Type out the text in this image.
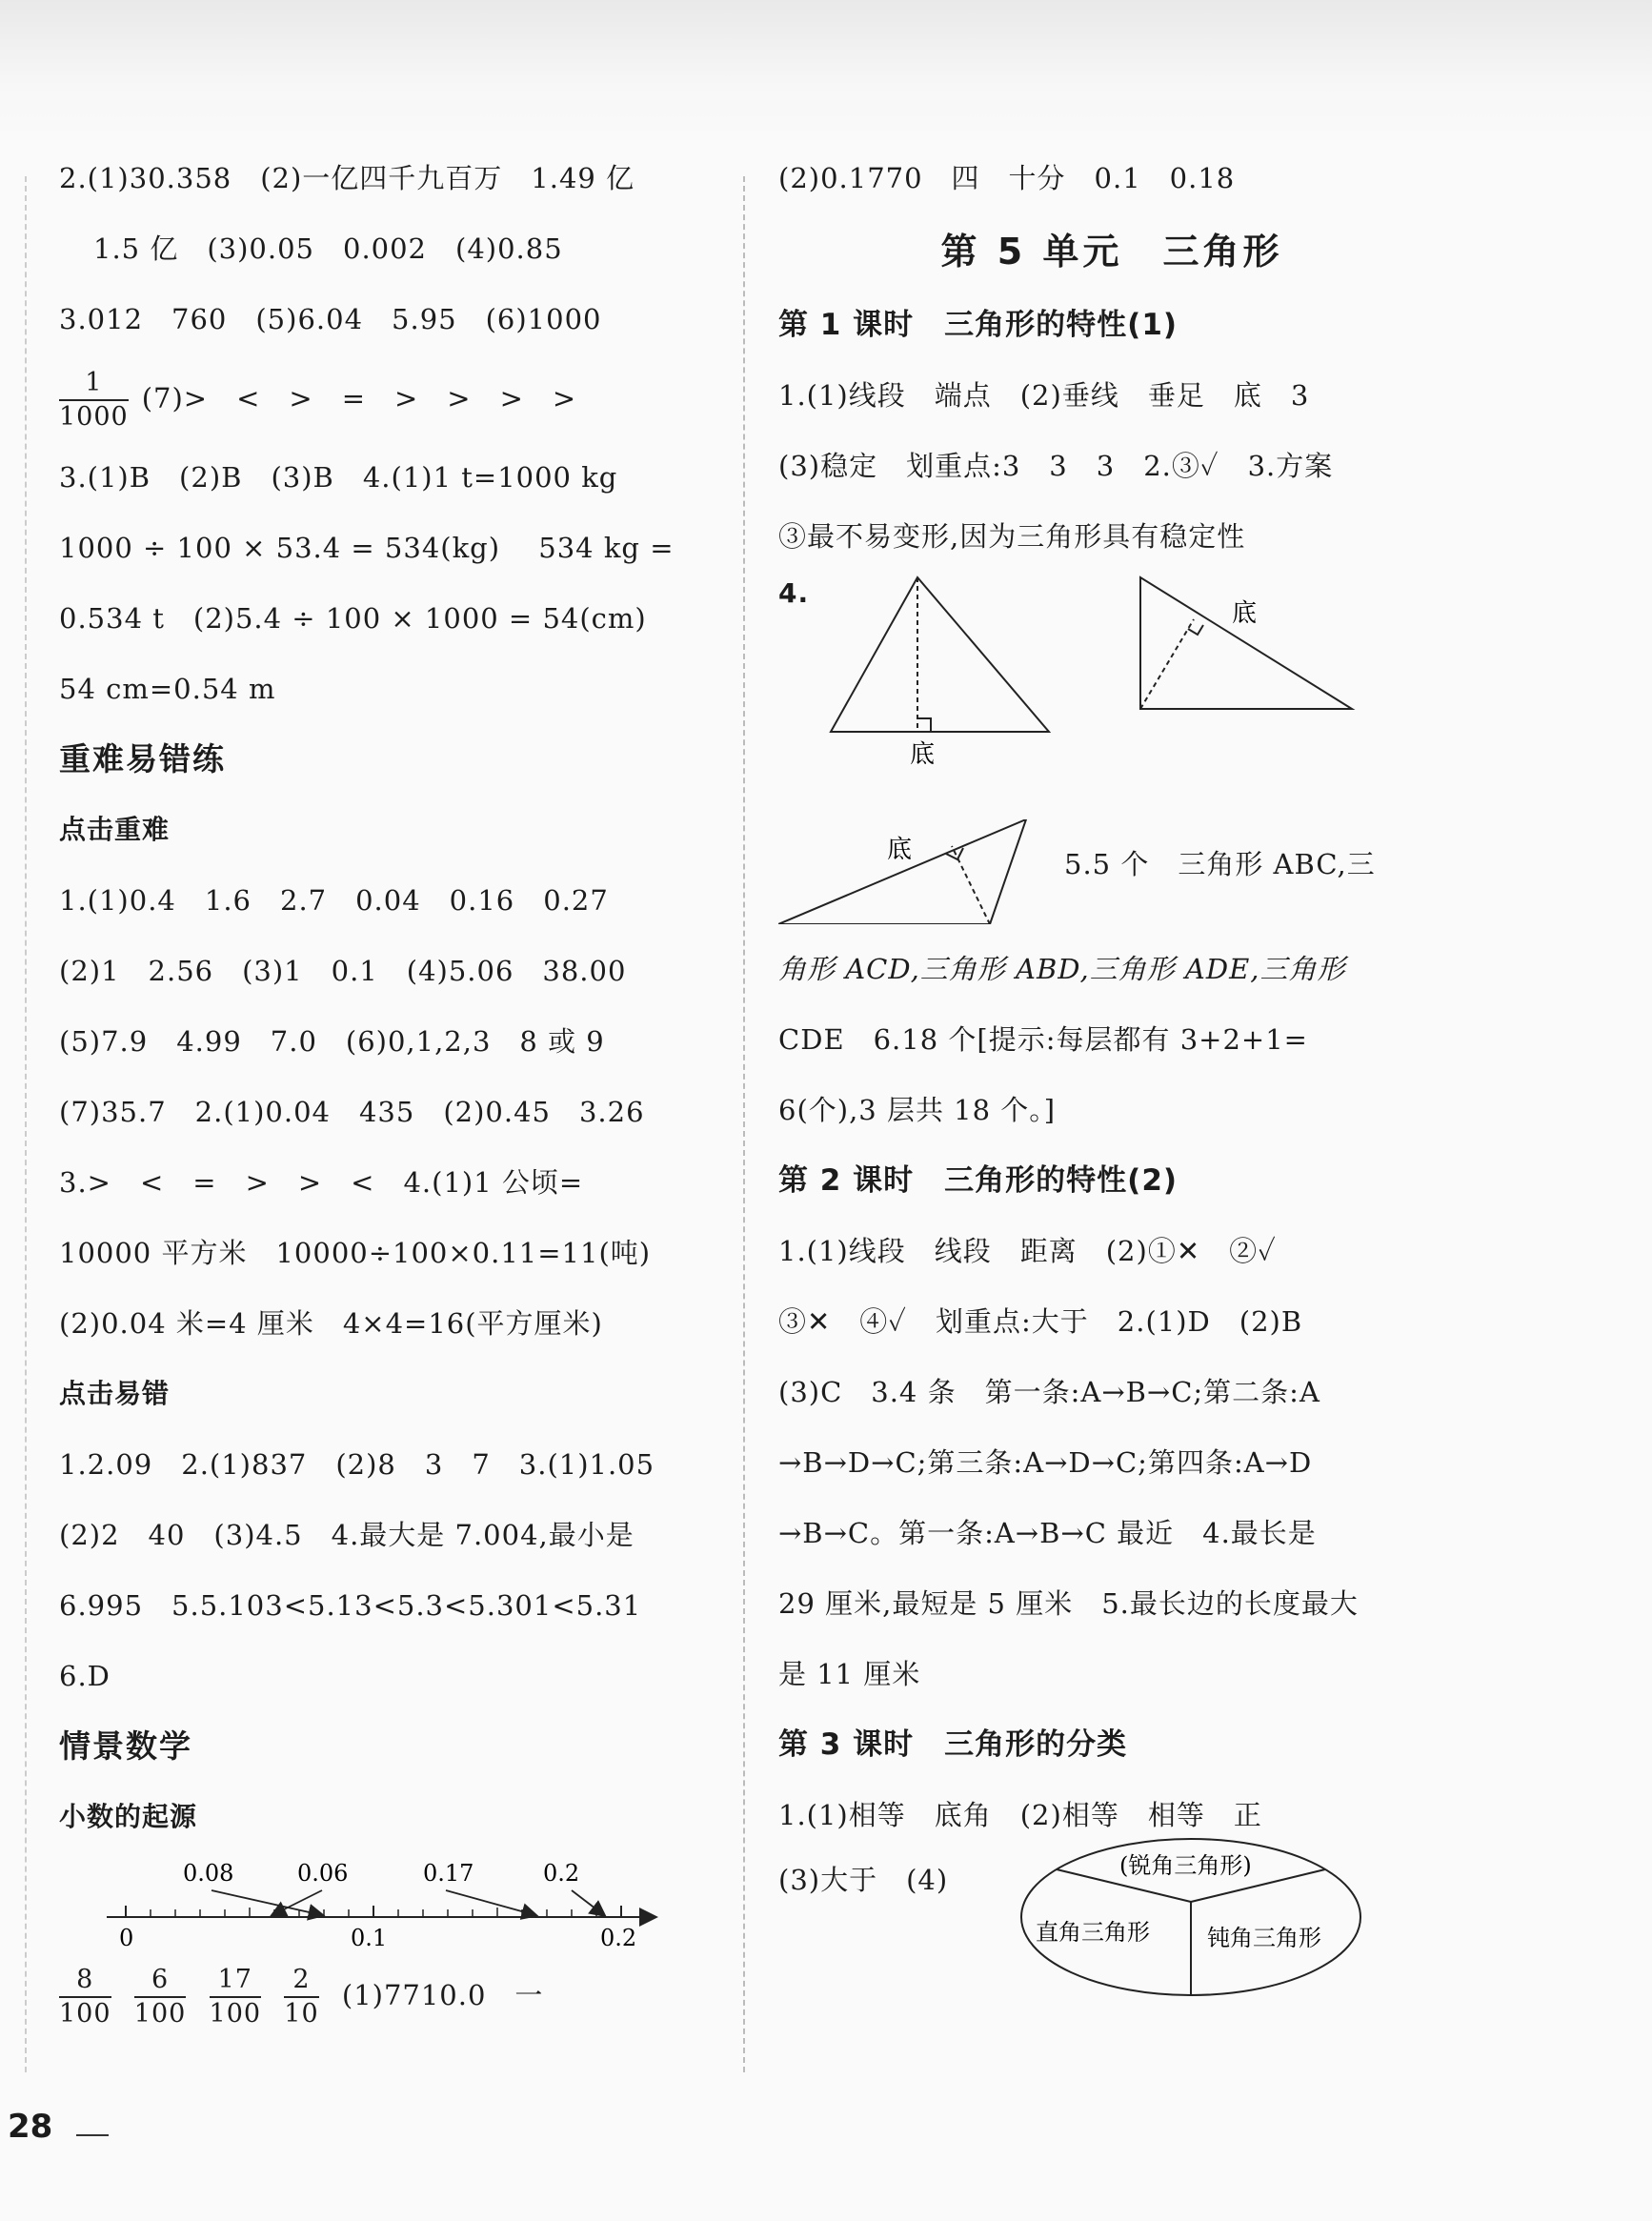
2.(1)30.358　(2)一亿四千九百万　1.49 亿
1.5 亿　(3)0.05　0.002　(4)0.85
3.012　760　(5)6.04　5.95　(6)1000
$\frac{1}{1000} (7)>$　<　>　=　>　>　>　>
3.(1)B　(2)B　(3)B　4.(1)1 t=1000 kg
1000 ÷ 100 × 53.4 = 534(kg)　 534 kg =
0.534 t　(2)5.4 ÷ 100 × 1000 = 54(cm)
54 cm=0.54 m
重难易错练
点击重难
1.(1)0.4　1.6　2.7　0.04　0.16　0.27
(2)1　2.56　(3)1　0.1　(4)5.06　38.00
(5)7.9　4.99　7.0　(6)0,1,2,3　8 或 9
(7)35.7　2.(1)0.04　435　(2)0.45　3.26
3.>　<　=　>　>　<　4.(1)1 公顷=
10000 平方米　10000÷100×0.11=11(吨)
(2)0.04 米=4 厘米　4×4=16(平方厘米)
点击易错
1.2.09　2.(1)837　(2)8　3　7　3.(1)1.05
(2)2　40　(3)4.5　4.最大是 7.004,最小是
6.995　5.5.103<5.13<5.3<5.301<5.31
6.D
情景数学
小数的起源
0.08	0.06	0.17	0.2
0	0.1	0.2
$\frac{8}{100}$
$\frac{6}{100}$
$\frac{17}{100}$
$\frac{2}{10} (1)7710.0$　一
(2)0.1770　四　十分　0.1　0.18
第 5 单元　三角形
第 1 课时　三角形的特性(1)
1.(1)线段　端点　(2)垂线　垂足　底　3
(3)稳定　划重点:3　3　3　2.③✓　3.方案
③最不易变形,因为三角形具有稳定性
4.
底
底
底	5.5 个　三角形 ABC,三
角形 ACD,三角形 ABD,三角形 ADE,三角形
CDE　6.18 个[提示:每层都有 3+2+1=
6(个),3 层共 18 个。]
第 2 课时　三角形的特性(2)
1.(1)线段　线段　距离　(2)①✕　②✓
③✕　④✓　划重点:大于　2.(1)D　(2)B
(3)C　3.4 条　第一条:A→B→C;第二条:A
→B→D→C;第三条:A→D→C;第四条:A→D
→B→C。第一条:A→B→C 最近　4.最长是
29 厘米,最短是 5 厘米　5.最长边的长度最大
是 11 厘米
第 3 课时　三角形的分类
1.(1)相等　底角　(2)相等　相等　正
(3)大于　(4)	(锐角三角形)
直角三角形	钝角三角形
28
